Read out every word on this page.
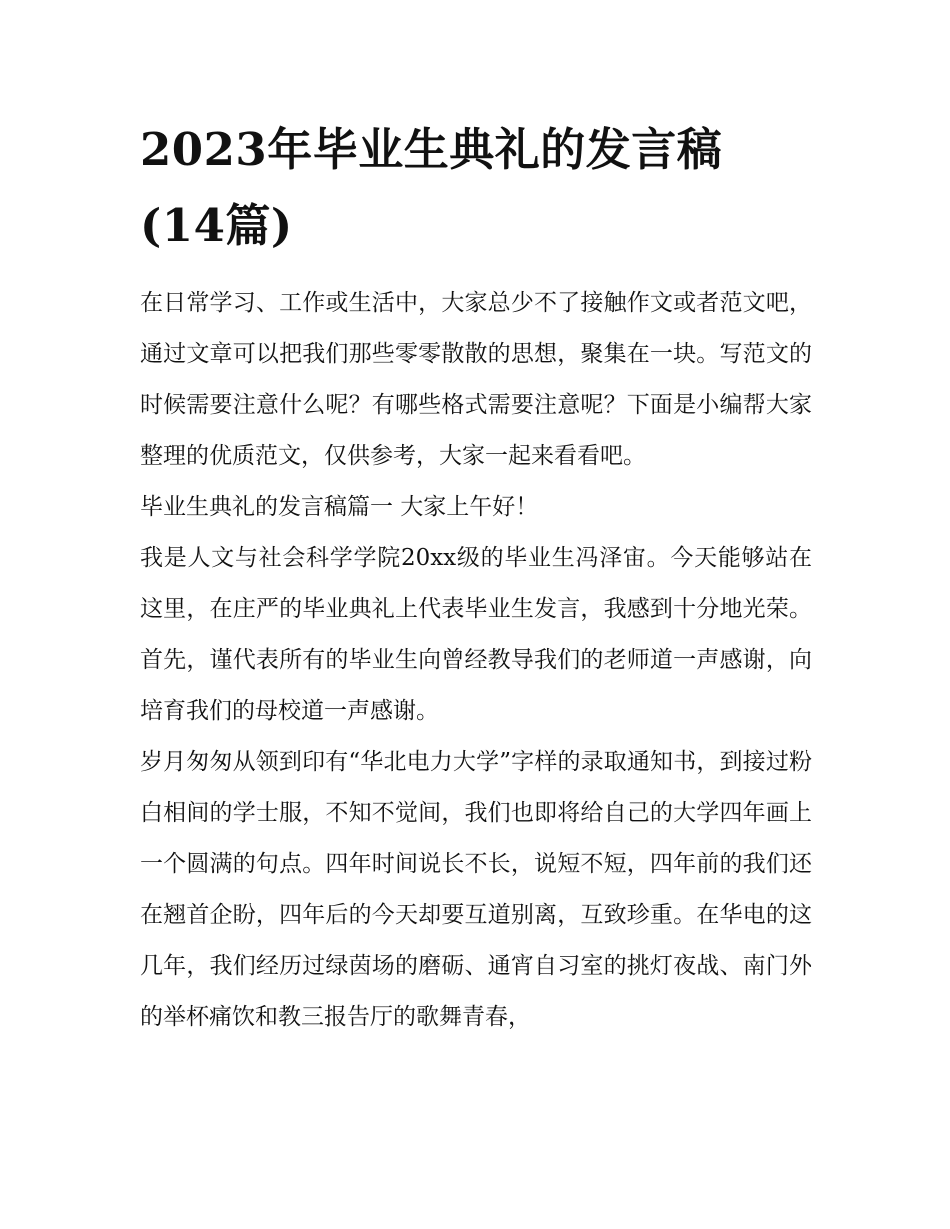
2023年毕业生典礼的发言稿
(14篇)

在日常学习、工作或生活中，大家总少不了接触作文或者范文吧，通过文章可以把我们那些零零散散的思想，聚集在一块。写范文的时候需要注意什么呢？有哪些格式需要注意呢？下面是小编帮大家整理的优质范文，仅供参考，大家一起来看看吧。

毕业生典礼的发言稿篇一 大家上午好！

我是人文与社会科学学院20xx级的毕业生冯泽宙。今天能够站在这里，在庄严的毕业典礼上代表毕业生发言，我感到十分地光荣。首先，谨代表所有的毕业生向曾经教导我们的老师道一声感谢，向培育我们的母校道一声感谢。

岁月匆匆从领到印有“华北电力大学”字样的录取通知书，到接过粉白相间的学士服，不知不觉间，我们也即将给自己的大学四年画上一个圆满的句点。四年时间说长不长，说短不短，四年前的我们还在翘首企盼，四年后的今天却要互道别离，互致珍重。在华电的这几年，我们经历过绿茵场的磨砺、通宵自习室的挑灯夜战、南门外的举杯痛饮和教三报告厅的歌舞青春，
